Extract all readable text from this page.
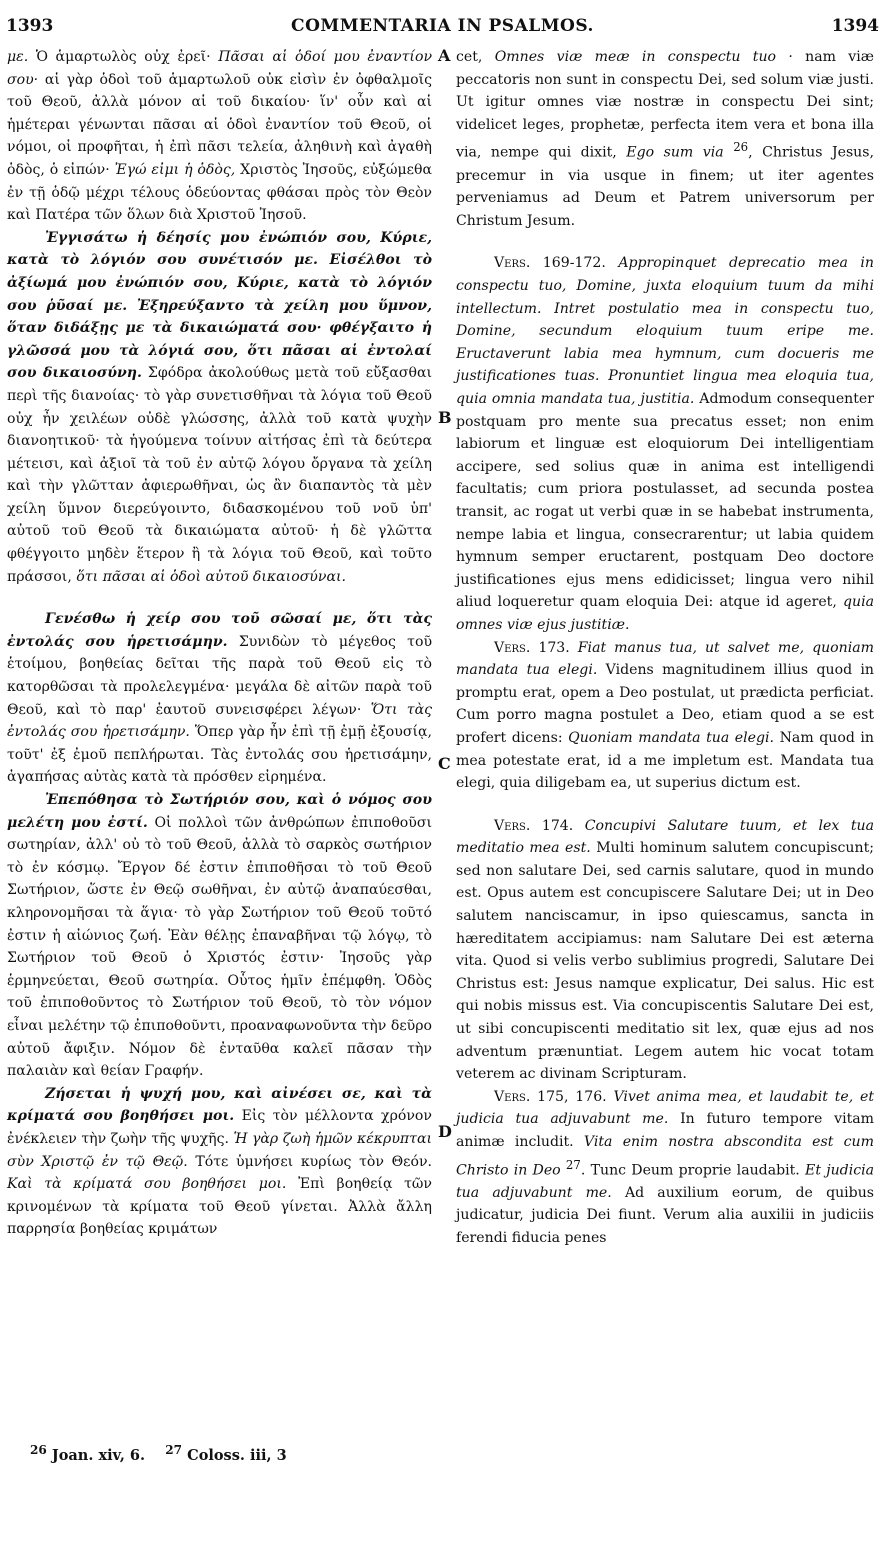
1393	COMMENTARIA IN PSALMOS.	1394

με. Ὁ ἁμαρτωλὸς οὐχ ἐρεῖ· Πᾶσαι αἱ ὁδοί μου ἐναντίον σου· αἱ γὰρ ὁδοὶ τοῦ ἁμαρτωλοῦ οὐκ εἰσὶν ἐν ὀφθαλμοῖς τοῦ Θεοῦ, ἀλλὰ μόνον αἱ τοῦ δικαίου· ἵν' οὖν καὶ αἱ ἡμέτεραι γένωνται πᾶσαι αἱ ὁδοὶ ἐναντίον τοῦ Θεοῦ, οἱ νόμοι, οἱ προφῆται, ἡ ἐπὶ πᾶσι τελεία, ἀληθινὴ καὶ ἀγαθὴ ὁδὸς, ὁ εἰπών· Ἐγώ εἰμι ἡ ὁδὸς, Χριστὸς Ἰησοῦς, εὐξώμεθα ἐν τῇ ὁδῷ μέχρι τέλους ὁδεύοντας φθάσαι πρὸς τὸν Θεὸν καὶ Πατέρα τῶν ὅλων διὰ Χριστοῦ Ἰησοῦ.

Ἐγγισάτω ἡ δέησίς μου ἐνώπιόν σου, Κύριε, κατὰ τὸ λόγιόν σου συνέτισόν με. Εἰσέλθοι τὸ ἀξίωμά μου ἐνώπιόν σου, Κύριε, κατὰ τὸ λόγιόν σου ῥῦσαί με. Ἐξηρεύξαντο τὰ χείλη μου ὕμνον, ὅταν διδάξῃς με τὰ δικαιώματά σου· φθέγξαιτο ἡ γλῶσσά μου τὰ λόγιά σου, ὅτι πᾶσαι αἱ ἐντολαί σου δικαιοσύνη. Σφόδρα ἀκολούθως μετὰ τοῦ εὔξασθαι περὶ τῆς διανοίας· τὸ γὰρ συνετισθῆναι τὰ λόγια τοῦ Θεοῦ οὐχ ἦν χειλέων οὐδὲ γλώσσης, ἀλλὰ τοῦ κατὰ ψυχὴν διανοητικοῦ· τὰ ἡγούμενα τοίνυν αἰτήσας ἐπὶ τὰ δεύτερα μέτεισι, καὶ ἀξιοῖ τὰ τοῦ ἐν αὐτῷ λόγου ὄργανα τὰ χείλη καὶ τὴν γλῶτταν ἀφιερωθῆναι, ὡς ἂν διαπαντὸς τὰ μὲν χείλη ὕμνον διερεύγοιντο, διδασκομένου τοῦ νοῦ ὑπ' αὐτοῦ τοῦ Θεοῦ τὰ δικαιώματα αὐτοῦ· ἡ δὲ γλῶττα φθέγγοιτο μηδὲν ἕτερον ἢ τὰ λόγια τοῦ Θεοῦ, καὶ τοῦτο πράσσοι, ὅτι πᾶσαι αἱ ὁδοὶ αὐτοῦ δικαιοσύναι.

Γενέσθω ἡ χείρ σου τοῦ σῶσαί με, ὅτι τὰς ἐντολάς σου ἡρετισάμην. Συνιδὼν τὸ μέγεθος τοῦ ἑτοίμου, βοηθείας δεῖται τῆς παρὰ τοῦ Θεοῦ εἰς τὸ κατορθῶσαι τὰ προλελεγμένα· μεγάλα δὲ αἰτῶν παρὰ τοῦ Θεοῦ, καὶ τὸ παρ' ἑαυτοῦ συνεισφέρει λέγων· Ὅτι τὰς ἐντολάς σου ἡρετισάμην. Ὅπερ γὰρ ἦν ἐπὶ τῇ ἐμῇ ἐξουσίᾳ, τοῦτ' ἐξ ἐμοῦ πεπλήρωται. Τὰς ἐντολάς σου ἡρετισάμην, ἀγαπήσας αὐτὰς κατὰ τὰ πρόσθεν εἰρημένα.

Ἐπεπόθησα τὸ Σωτήριόν σου, καὶ ὁ νόμος σου μελέτη μου ἐστί. Οἱ πολλοὶ τῶν ἀνθρώπων ἐπιποθοῦσι σωτηρίαν, ἀλλ' οὐ τὸ τοῦ Θεοῦ, ἀλλὰ τὸ σαρκὸς σωτήριον τὸ ἐν κόσμῳ. Ἔργον δέ ἐστιν ἐπιποθῆσαι τὸ τοῦ Θεοῦ Σωτήριον, ὥστε ἐν Θεῷ σωθῆναι, ἐν αὐτῷ ἀναπαύεσθαι, κληρονομῆσαι τὰ ἅγια· τὸ γὰρ Σωτήριον τοῦ Θεοῦ τοῦτό ἐστιν ἡ αἰώνιος ζωή. Ἐὰν θέλῃς ἐπαναβῆναι τῷ λόγῳ, τὸ Σωτήριον τοῦ Θεοῦ ὁ Χριστός ἐστιν· Ἰησοῦς γὰρ ἑρμηνεύεται, Θεοῦ σωτηρία. Οὗτος ἡμῖν ἐπέμφθη. Ὁδὸς τοῦ ἐπιποθοῦντος τὸ Σωτήριον τοῦ Θεοῦ, τὸ τὸν νόμον εἶναι μελέτην τῷ ἐπιποθοῦντι, προαναφωνοῦντα τὴν δεῦρο αὐτοῦ ἄφιξιν. Νόμον δὲ ἐνταῦθα καλεῖ πᾶσαν τὴν παλαιὰν καὶ θείαν Γραφήν.

Ζήσεται ἡ ψυχή μου, καὶ αἰνέσει σε, καὶ τὰ κρίματά σου βοηθήσει μοι. Εἰς τὸν μέλλοντα χρόνον ἐνέκλειεν τὴν ζωὴν τῆς ψυχῆς. Ἡ γὰρ ζωὴ ἡμῶν κέκρυπται σὺν Χριστῷ ἐν τῷ Θεῷ. Τότε ὑμνήσει κυρίως τὸν Θεόν. Καὶ τὰ κρίματά σου βοηθήσει μοι. Ἐπὶ βοηθείᾳ τῶν κρινομένων τὰ κρίματα τοῦ Θεοῦ γίνεται. Ἀλλὰ ἄλλη παρρησία βοηθείας κριμάτων

A
B
C
D

cet, Omnes viæ meæ in conspectu tuo · nam viæ peccatoris non sunt in conspectu Dei, sed solum viæ justi. Ut igitur omnes viæ nostræ in conspectu Dei sint; videlicet leges, prophetæ, perfecta item vera et bona illa via, nempe qui dixit, Ego sum via $^{26}$, Christus Jesus, precemur in via usque in finem; ut iter agentes perveniamus ad Deum et Patrem universorum per Christum Jesum.

Vers. 169-172. Appropinquet deprecatio mea in conspectu tuo, Domine, juxta eloquium tuum da mihi intellectum. Intret postulatio mea in conspectu tuo, Domine, secundum eloquium tuum eripe me. Eructaverunt labia mea hymnum, cum docueris me justificationes tuas. Pronuntiet lingua mea eloquia tua, quia omnia mandata tua, justitia. Admodum consequenter postquam pro mente sua precatus esset; non enim labiorum et linguæ est eloquiorum Dei intelligentiam accipere, sed solius quæ in anima est intelligendi facultatis; cum priora postulasset, ad secunda postea transit, ac rogat ut verbi quæ in se habebat instrumenta, nempe labia et lingua, consecrarentur; ut labia quidem hymnum semper eructarent, postquam Deo doctore justificationes ejus mens edidicisset; lingua vero nihil aliud loqueretur quam eloquia Dei: atque id ageret, quia omnes viæ ejus justitiæ.

Vers. 173. Fiat manus tua, ut salvet me, quoniam mandata tua elegi. Videns magnitudinem illius quod in promptu erat, opem a Deo postulat, ut prædicta perficiat. Cum porro magna postulet a Deo, etiam quod a se est profert dicens: Quoniam mandata tua elegi. Nam quod in mea potestate erat, id a me impletum est. Mandata tua elegi, quia diligebam ea, ut superius dictum est.

Vers. 174. Concupivi Salutare tuum, et lex tua meditatio mea est. Multi hominum salutem concupiscunt; sed non salutare Dei, sed carnis salutare, quod in mundo est. Opus autem est concupiscere Salutare Dei; ut in Deo salutem nanciscamur, in ipso quiescamus, sancta in hæreditatem accipiamus: nam Salutare Dei est æterna vita. Quod si velis verbo sublimius progredi, Salutare Dei Christus est: Jesus namque explicatur, Dei salus. Hic est qui nobis missus est. Via concupiscentis Salutare Dei est, ut sibi concupiscenti meditatio sit lex, quæ ejus ad nos adventum prænuntiat. Legem autem hic vocat totam veterem ac divinam Scripturam.

Vers. 175, 176. Vivet anima mea, et laudabit te, et judicia tua adjuvabunt me. In futuro tempore vitam animæ includit. Vita enim nostra abscondita est cum Christo in Deo $^{27}$. Tunc Deum proprie laudabit. Et judicia tua adjuvabunt me. Ad auxilium eorum, de quibus judicatur, judicia Dei fiunt. Verum alia auxilii in judiciis ferendi fiducia penes

$^{26}$ Joan. xiv, 6. $^{27}$ Coloss. iii, 3
